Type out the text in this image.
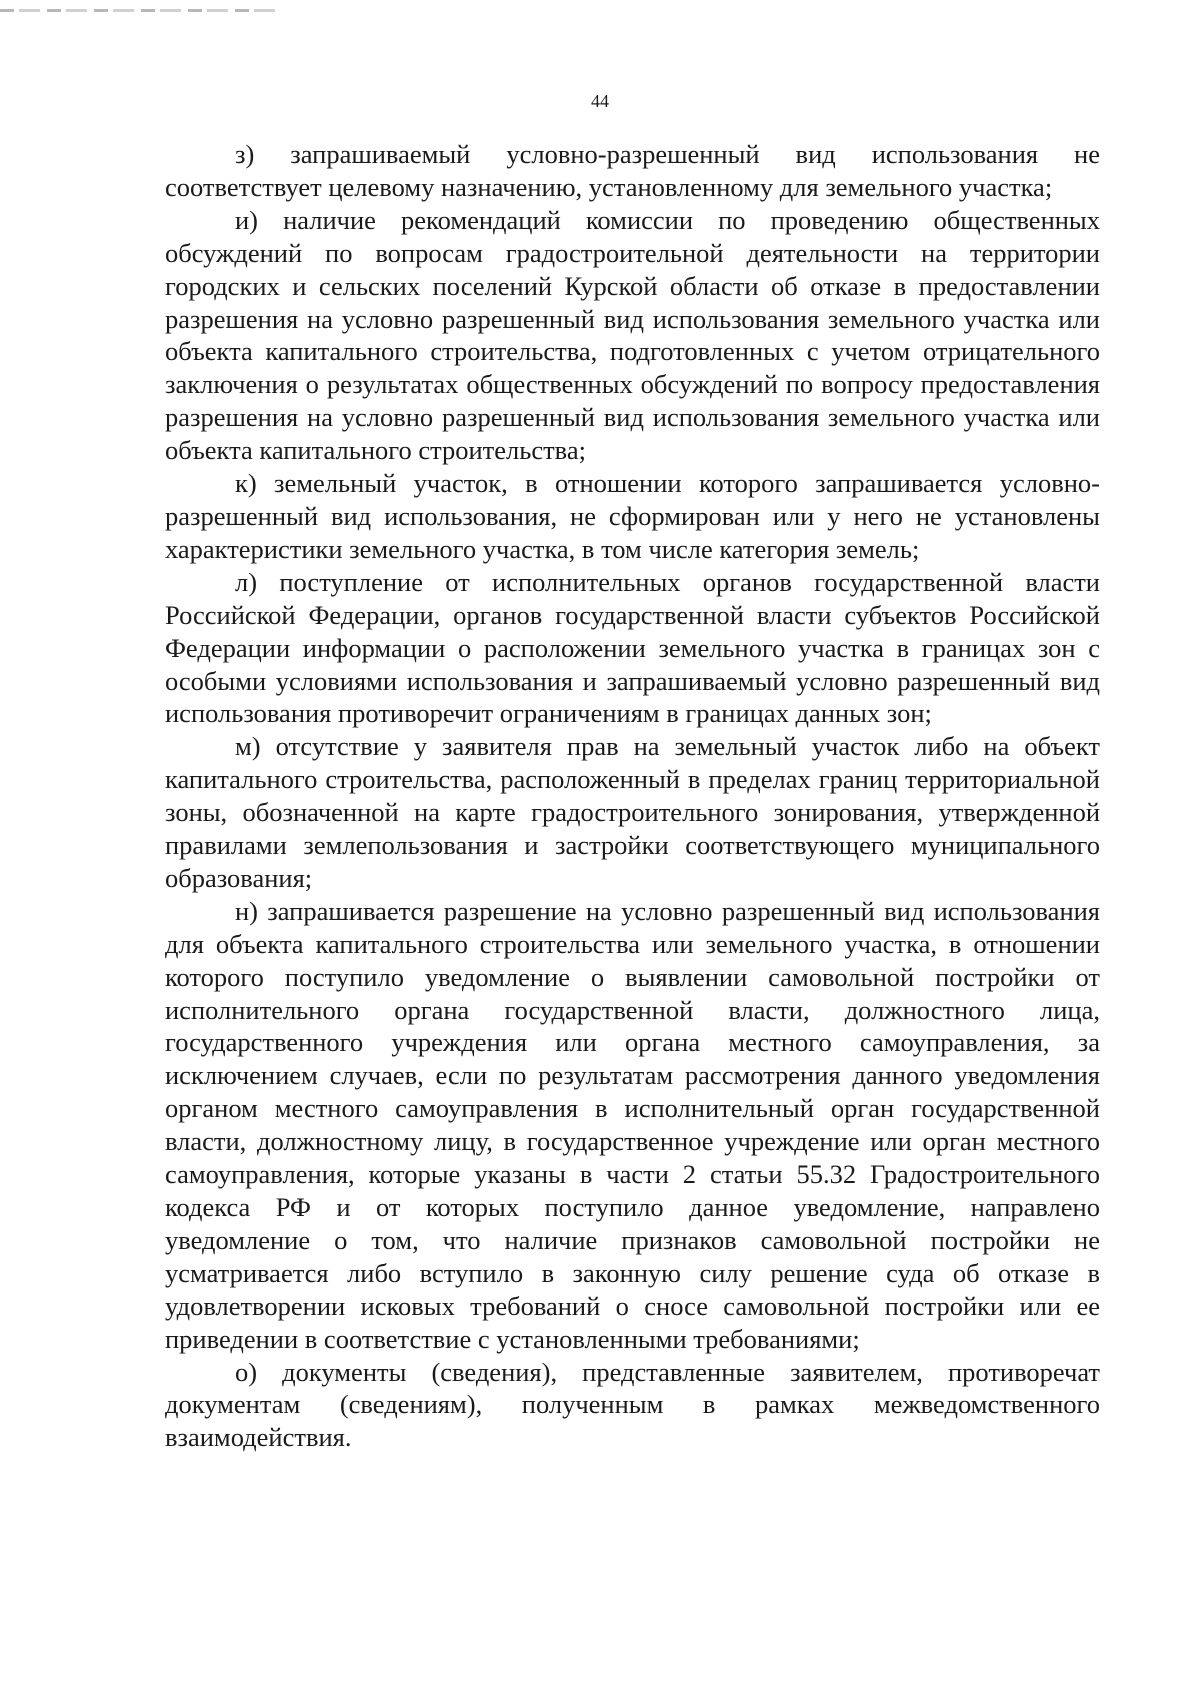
44

з) запрашиваемый условно-разрешенный вид использования не соответствует целевому назначению, установленному для земельного участка;

и) наличие рекомендаций комиссии по проведению общественных обсуждений по вопросам градостроительной деятельности на территории городских и сельских поселений Курской области об отказе в предоставлении разрешения на условно разрешенный вид использования земельного участка или объекта капитального строительства, подготовленных с учетом отрицательного заключения о результатах общественных обсуждений по вопросу предоставления разрешения на условно разрешенный вид использования земельного участка или объекта капитального строительства;

к) земельный участок, в отношении которого запрашивается условно-разрешенный вид использования, не сформирован или у него не установлены характеристики земельного участка, в том числе категория земель;

л) поступление от исполнительных органов государственной власти Российской Федерации, органов государственной власти субъектов Российской Федерации информации о расположении земельного участка в границах зон с особыми условиями использования и запрашиваемый условно разрешенный вид использования противоречит ограничениям в границах данных зон;

м) отсутствие у заявителя прав на земельный участок либо на объект капитального строительства, расположенный в пределах границ территориальной зоны, обозначенной на карте градостроительного зонирования, утвержденной правилами землепользования и застройки соответствующего муниципального образования;

н) запрашивается разрешение на условно разрешенный вид использования для объекта капитального строительства или земельного участка, в отношении которого поступило уведомление о выявлении самовольной постройки от исполнительного органа государственной власти, должностного лица, государственного учреждения или органа местного самоуправления, за исключением случаев, если по результатам рассмотрения данного уведомления органом местного самоуправления в исполнительный орган государственной власти, должностному лицу, в государственное учреждение или орган местного самоуправления, которые указаны в части 2 статьи 55.32 Градостроительного кодекса РФ и от которых поступило данное уведомление, направлено уведомление о том, что наличие признаков самовольной постройки не усматривается либо вступило в законную силу решение суда об отказе в удовлетворении исковых требований о сносе самовольной постройки или ее приведении в соответствие с установленными требованиями;

о) документы (сведения), представленные заявителем, противоречат документам (сведениям), полученным в рамках межведомственного взаимодействия.
